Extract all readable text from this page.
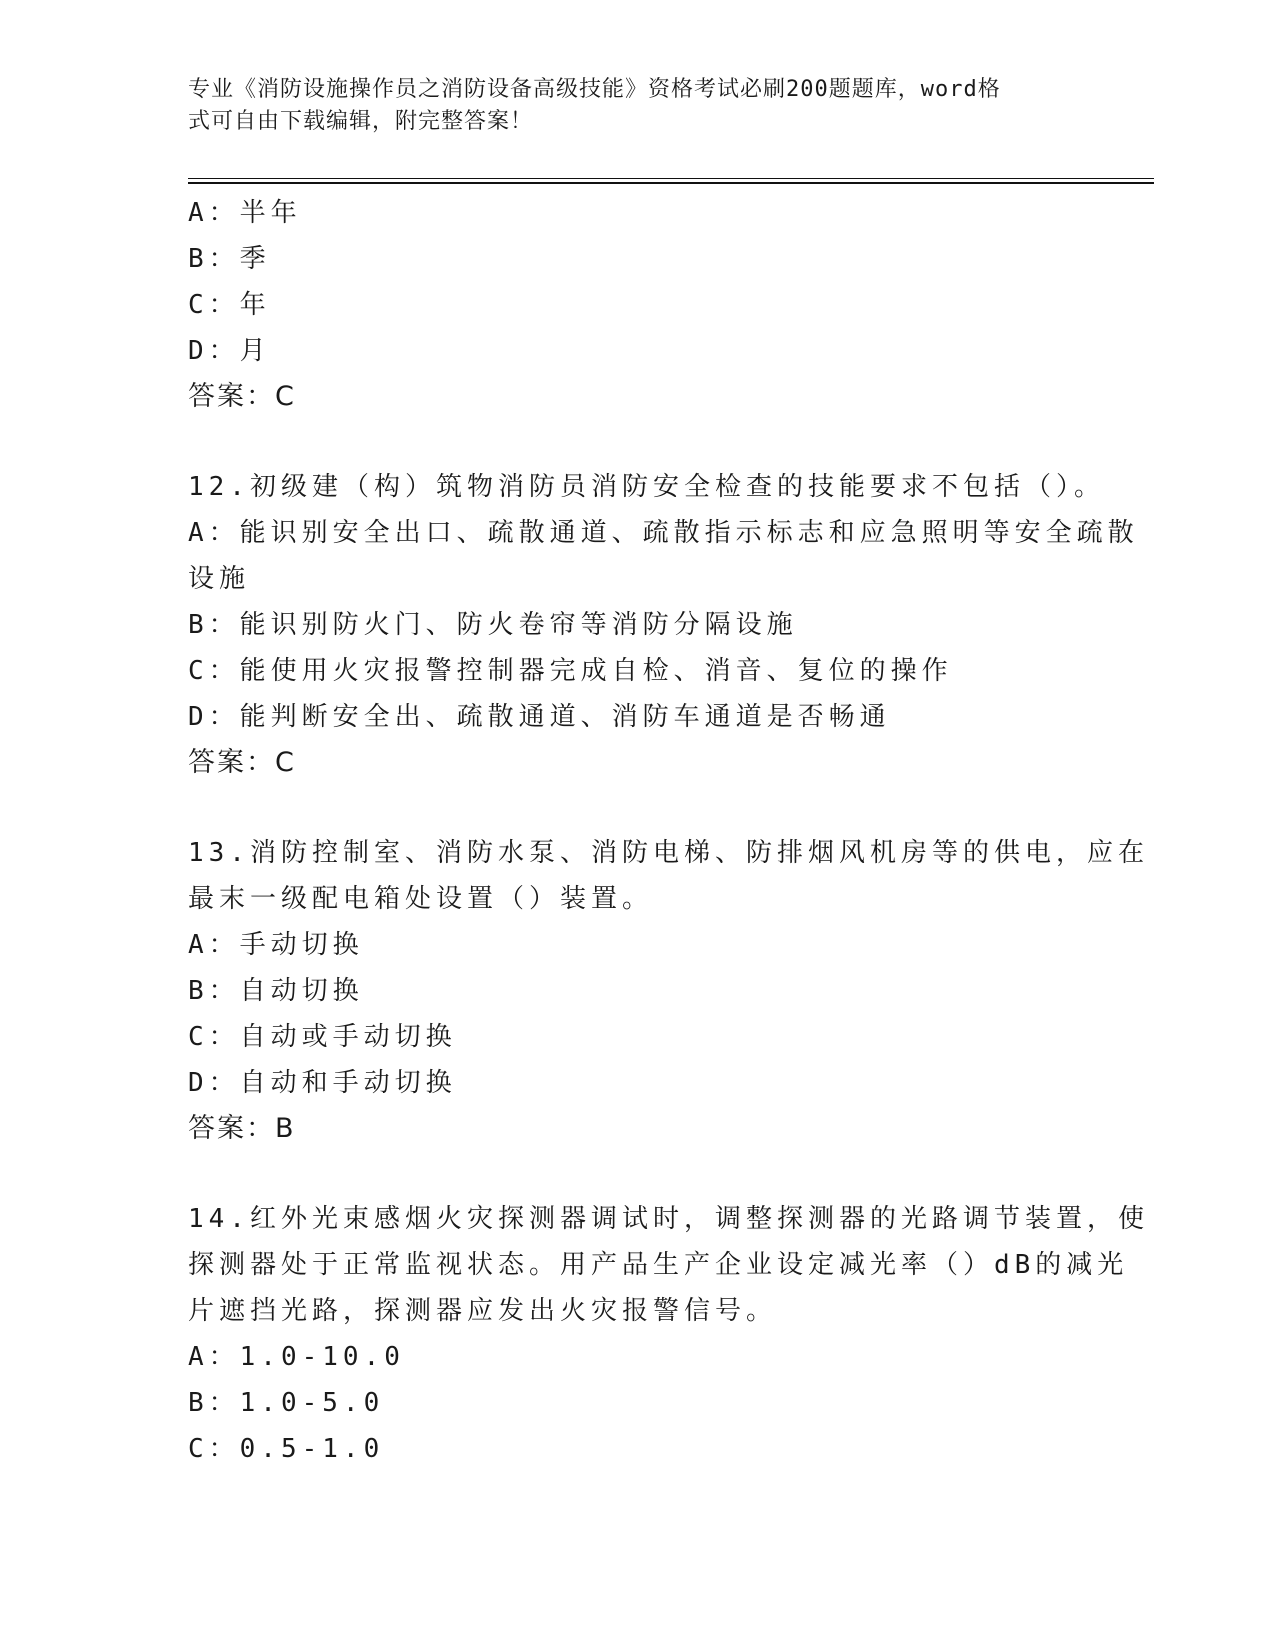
专业《消防设施操作员之消防设备高级技能》资格考试必刷200题题库，word格
式可自由下载编辑，附完整答案！
A：半年
B：季
C：年
D：月
答案：C
12.初级建（构）筑物消防员消防安全检查的技能要求不包括（）。
A：能识别安全出口、疏散通道、疏散指示标志和应急照明等安全疏散
设施
B：能识别防火门、防火卷帘等消防分隔设施
C：能使用火灾报警控制器完成自检、消音、复位的操作
D：能判断安全出、疏散通道、消防车通道是否畅通
答案：C
13.消防控制室、消防水泵、消防电梯、防排烟风机房等的供电，应在
最末一级配电箱处设置（）装置。
A：手动切换
B：自动切换
C：自动或手动切换
D：自动和手动切换
答案：B
14.红外光束感烟火灾探测器调试时，调整探测器的光路调节装置，使
探测器处于正常监视状态。用产品生产企业设定减光率（）dB的减光
片遮挡光路，探测器应发出火灾报警信号。
A：1.0-10.0
B：1.0-5.0
C：0.5-1.0
